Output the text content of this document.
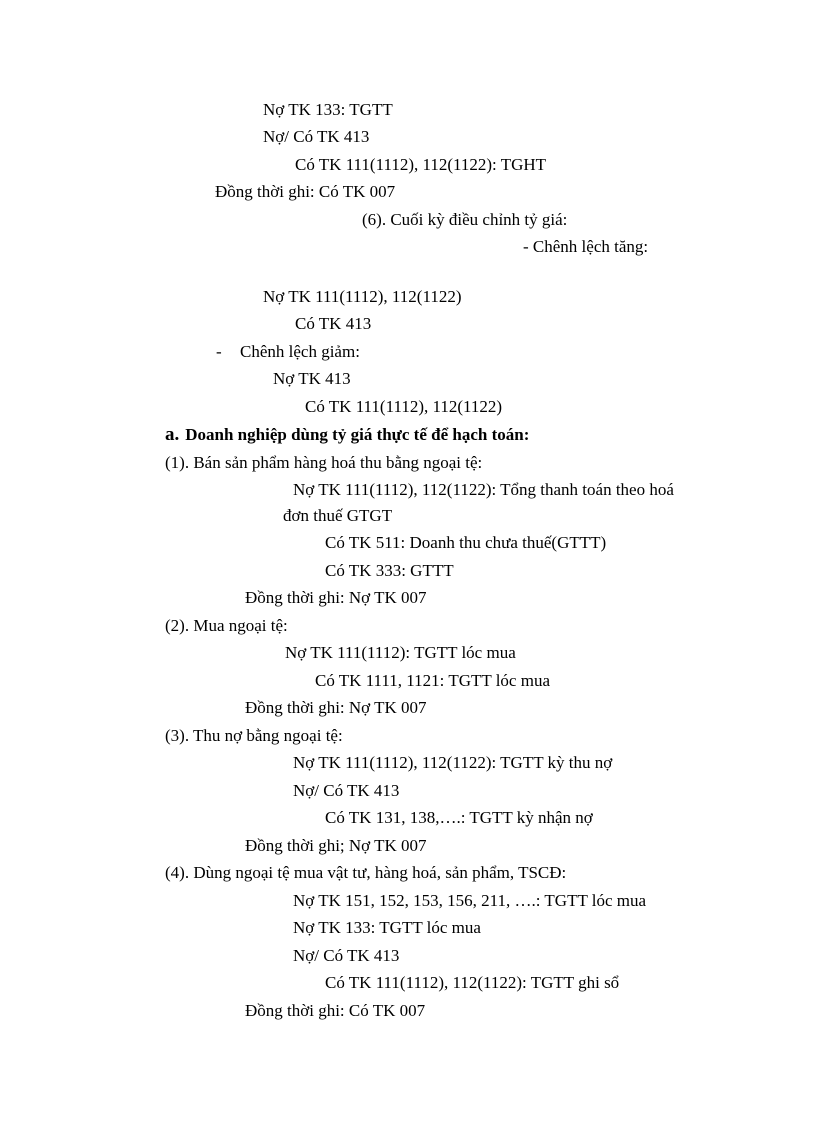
Nợ TK 133: TGTT
Nợ/ Có TK 413
Có TK 111(1112), 112(1122): TGHT
Đồng thời ghi: Có TK 007
(6). Cuối kỳ điều chỉnh tỷ giá:
- Chênh lệch tăng:
Nợ TK 111(1112), 112(1122)
Có TK 413
- Chênh lệch giảm:
Nợ TK 413
Có TK 111(1112), 112(1122)
a. Doanh nghiệp dùng tỷ giá thực tế để hạch toán:
(1). Bán sản phẩm hàng hoá thu bằng ngoại tệ:
Nợ TK 111(1112), 112(1122): Tổng thanh toán theo hoá
đơn thuế GTGT
Có TK 511: Doanh thu chưa thuế(GTTT)
Có TK 333: GTTT
Đồng thời ghi: Nợ TK 007
(2). Mua ngoại tệ:
Nợ TK 111(1112): TGTT lóc mua
Có TK 1111, 1121: TGTT lóc mua
Đồng thời ghi: Nợ TK 007
(3). Thu nợ bằng ngoại tệ:
Nợ TK 111(1112), 112(1122): TGTT kỳ thu nợ
Nợ/ Có TK 413
Có TK 131, 138,….: TGTT kỳ nhận nợ
Đồng thời ghi; Nợ TK 007
(4). Dùng ngoại tệ mua vật tư, hàng hoá, sản phẩm, TSCĐ:
Nợ TK 151, 152, 153, 156, 211, ….: TGTT lóc mua
Nợ TK 133: TGTT lóc mua
Nợ/ Có TK 413
Có TK 111(1112), 112(1122): TGTT ghi sổ
Đồng thời ghi: Có TK 007
